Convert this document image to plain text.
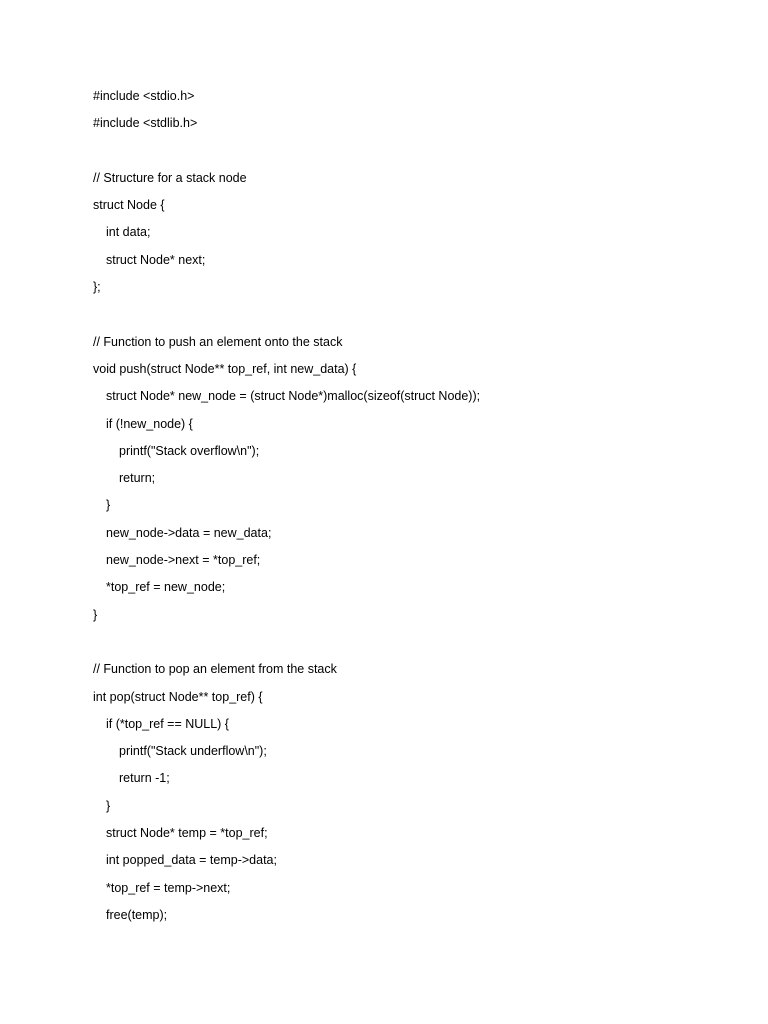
#include <stdio.h>
#include <stdlib.h>
// Structure for a stack node
struct Node {
int data;
struct Node* next;
};
// Function to push an element onto the stack
void push(struct Node** top_ref, int new_data) {
struct Node* new_node = (struct Node*)malloc(sizeof(struct Node));
if (!new_node) {
printf("Stack overflow\n");
return;
}
new_node->data = new_data;
new_node->next = *top_ref;
*top_ref = new_node;
}
// Function to pop an element from the stack
int pop(struct Node** top_ref) {
if (*top_ref == NULL) {
printf("Stack underflow\n");
return -1;
}
struct Node* temp = *top_ref;
int popped_data = temp->data;
*top_ref = temp->next;
free(temp);
